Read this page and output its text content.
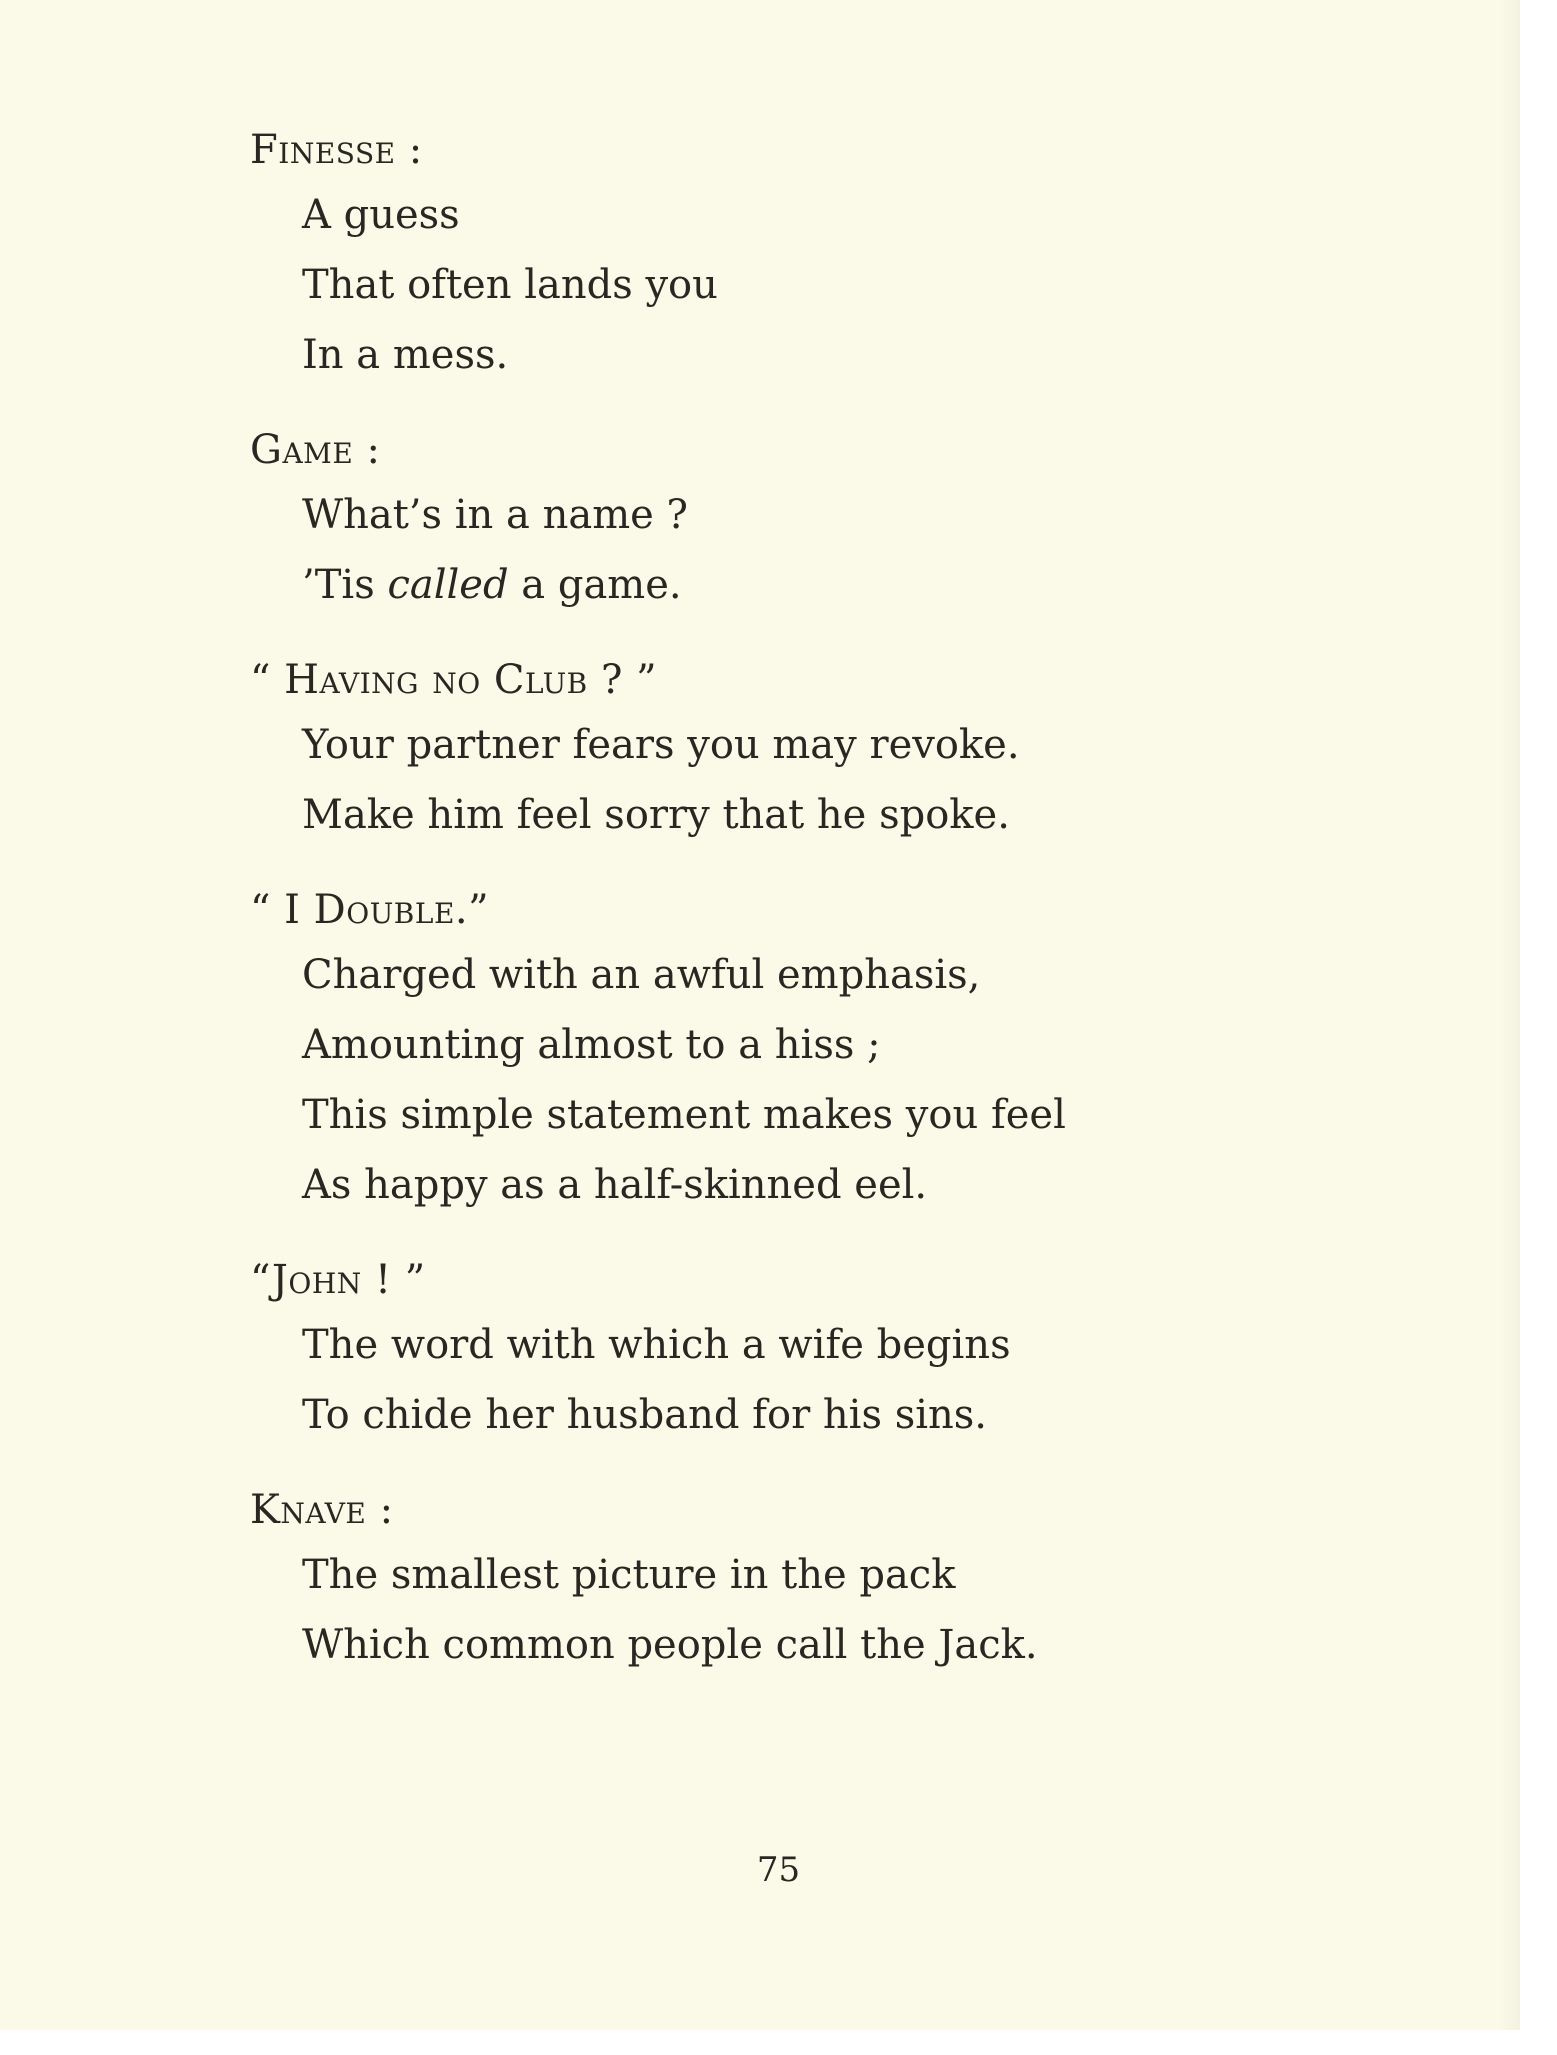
Finesse :
A guess
That often lands you
In a mess.
Game :
What’s in a name ?
’Tis called a game.
“ Having no Club ? ”
Your partner fears you may revoke.
Make him feel sorry that he spoke.
“ I Double.”
Charged with an awful emphasis,
Amounting almost to a hiss ;
This simple statement makes you feel
As happy as a half-skinned eel.
“John ! ”
The word with which a wife begins
To chide her husband for his sins.
Knave :
The smallest picture in the pack
Which common people call the Jack.
75
